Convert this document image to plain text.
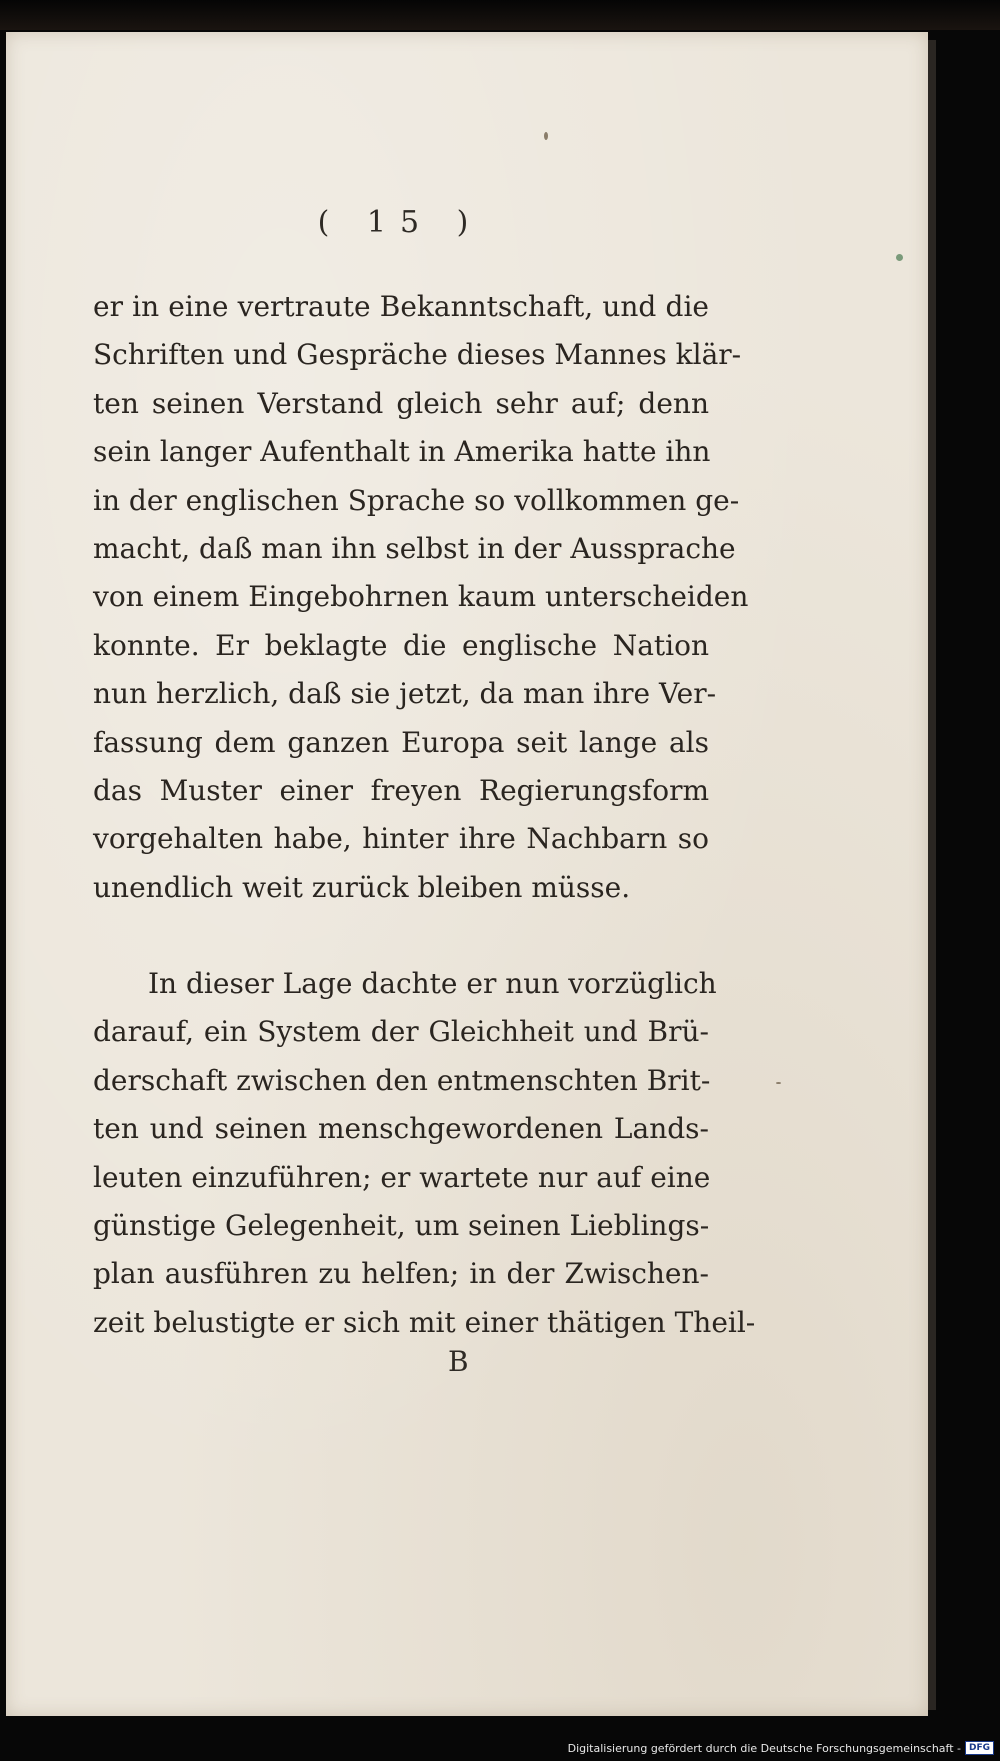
( 15 )
er in eine vertraute Bekanntschaft, und die
Schriften und Gespräche dieses Mannes klär-
ten seinen Verstand gleich sehr auf; denn
sein langer Aufenthalt in Amerika hatte ihn
in der englischen Sprache so vollkommen ge-
macht, daß man ihn selbst in der Aussprache
von einem Eingebohrnen kaum unterscheiden
konnte. Er beklagte die englische Nation
nun herzlich, daß sie jetzt, da man ihre Ver-
fassung dem ganzen Europa seit lange als
das Muster einer freyen Regierungsform
vorgehalten habe, hinter ihre Nachbarn so
unendlich weit zurück bleiben müsse.
In dieser Lage dachte er nun vorzüglich
darauf, ein System der Gleichheit und Brü-
derschaft zwischen den entmenschten Brit-
ten und seinen menschgewordenen Lands-
leuten einzuführen; er wartete nur auf eine
günstige Gelegenheit, um seinen Lieblings-
plan ausführen zu helfen; in der Zwischen-
zeit belustigte er sich mit einer thätigen Theil-
B
Digitalisierung gefördert durch die Deutsche Forschungsgemeinschaft - DFG
